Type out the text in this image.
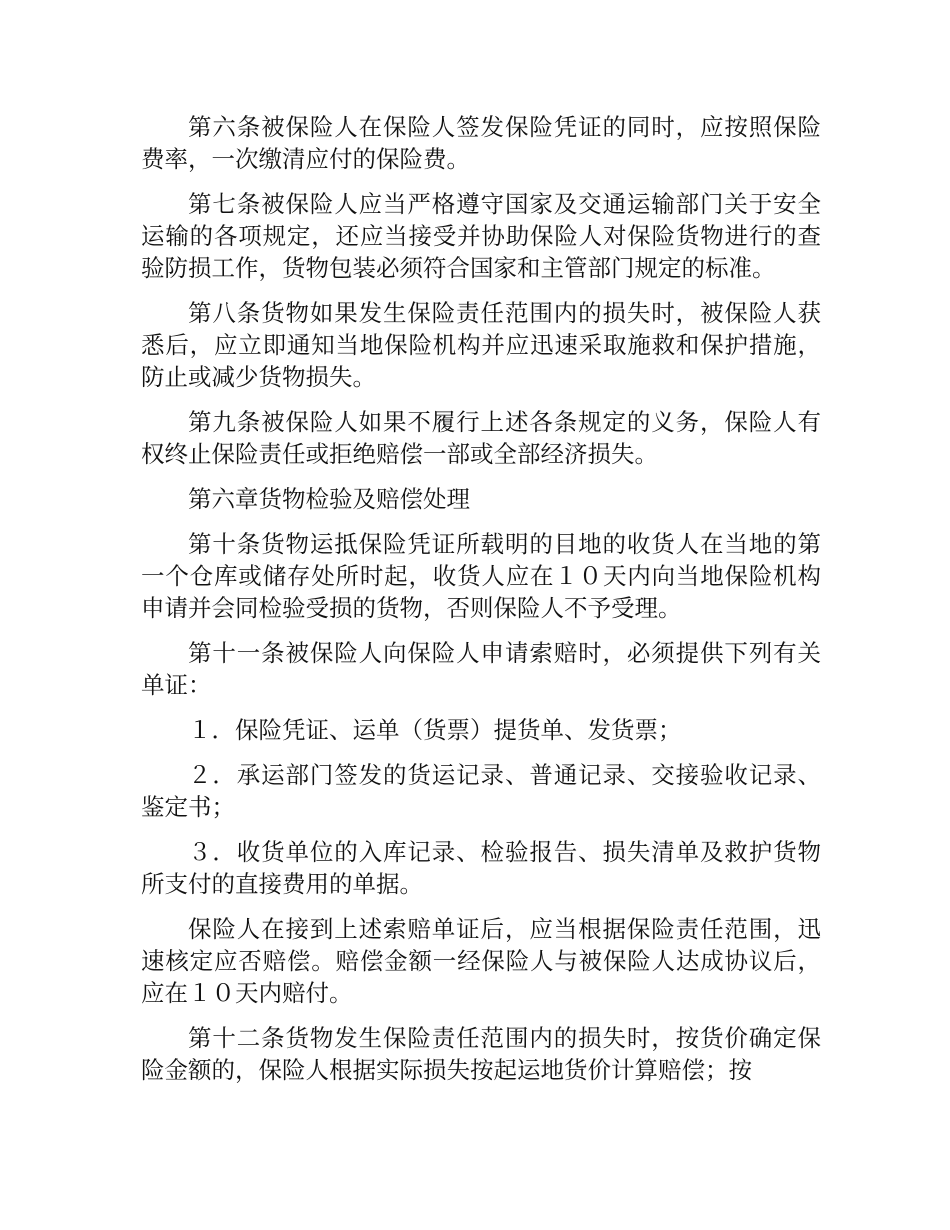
第六条被保险人在保险人签发保险凭证的同时，应按照保险费率，一次缴清应付的保险费。

第七条被保险人应当严格遵守国家及交通运输部门关于安全运输的各项规定，还应当接受并协助保险人对保险货物进行的查验防损工作，货物包装必须符合国家和主管部门规定的标准。

第八条货物如果发生保险责任范围内的损失时，被保险人获悉后，应立即通知当地保险机构并应迅速采取施救和保护措施，防止或减少货物损失。

第九条被保险人如果不履行上述各条规定的义务，保险人有权终止保险责任或拒绝赔偿一部或全部经济损失。

第六章货物检验及赔偿处理

第十条货物运抵保险凭证所载明的目地的收货人在当地的第一个仓库或储存处所时起，收货人应在１０天内向当地保险机构申请并会同检验受损的货物，否则保险人不予受理。

第十一条被保险人向保险人申请索赔时，必须提供下列有关单证：

１．保险凭证、运单（货票）提货单、发货票；

２．承运部门签发的货运记录、普通记录、交接验收记录、鉴定书；

３．收货单位的入库记录、检验报告、损失清单及救护货物所支付的直接费用的单据。

保险人在接到上述索赔单证后，应当根据保险责任范围，迅速核定应否赔偿。赔偿金额一经保险人与被保险人达成协议后，应在１０天内赔付。

第十二条货物发生保险责任范围内的损失时，按货价确定保险金额的，保险人根据实际损失按起运地货价计算赔偿；按
